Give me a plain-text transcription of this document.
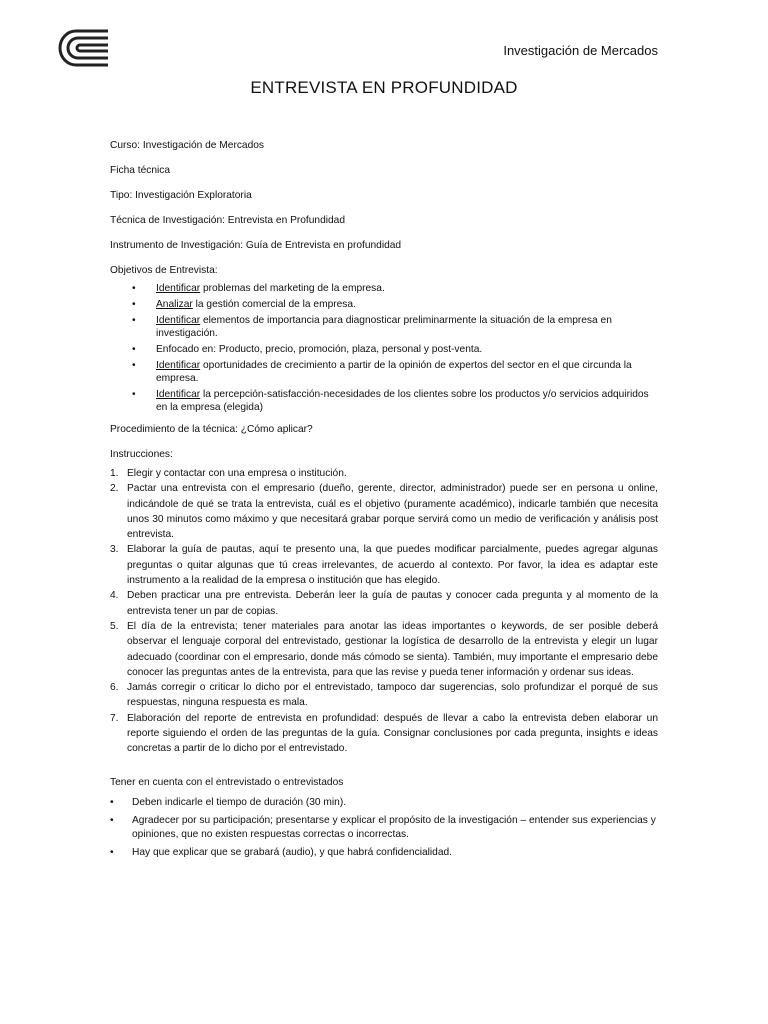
Investigación de Mercados
ENTREVISTA EN PROFUNDIDAD
Curso: Investigación de Mercados
Ficha técnica
Tipo: Investigación Exploratoria
Técnica de Investigación: Entrevista en Profundidad
Instrumento de Investigación: Guía de Entrevista en profundidad
Objetivos de Entrevista:
• Identificar problemas del marketing de la empresa.
• Analizar la gestión comercial de la empresa.
• Identificar elementos de importancia para diagnosticar preliminarmente la situación de la empresa en investigación.
• Enfocado en: Producto, precio, promoción, plaza, personal y post-venta.
• Identificar oportunidades de crecimiento a partir de la opinión de expertos del sector en el que circunda la empresa.
• Identificar la percepción-satisfacción-necesidades de los clientes sobre los productos y/o servicios adquiridos en la empresa (elegida)
Procedimiento de la técnica: ¿Cómo aplicar?
Instrucciones:
1. Elegir y contactar con una empresa o institución.
2. Pactar una entrevista con el empresario (dueño, gerente, director, administrador) puede ser en persona u online, indicándole de qué se trata la entrevista, cuál es el objetivo (puramente académico), indicarle también que necesita unos 30 minutos como máximo y que necesitará grabar porque servirá como un medio de verificación y análisis post entrevista.
3. Elaborar la guía de pautas, aquí te presento una, la que puedes modificar parcialmente, puedes agregar algunas preguntas o quitar algunas que tú creas irrelevantes, de acuerdo al contexto. Por favor, la idea es adaptar este instrumento a la realidad de la empresa o institución que has elegido.
4. Deben practicar una pre entrevista. Deberán leer la guía de pautas y conocer cada pregunta y al momento de la entrevista tener un par de copias.
5. El día de la entrevista; tener materiales para anotar las ideas importantes o keywords, de ser posible deberá observar el lenguaje corporal del entrevistado, gestionar la logística de desarrollo de la entrevista y elegir un lugar adecuado (coordinar con el empresario, donde más cómodo se sienta). También, muy importante el empresario debe conocer las preguntas antes de la entrevista, para que las revise y pueda tener información y ordenar sus ideas.
6. Jamás corregir o criticar lo dicho por el entrevistado, tampoco dar sugerencias, solo profundizar el porqué de sus respuestas, ninguna respuesta es mala.
7. Elaboración del reporte de entrevista en profundidad: después de llevar a cabo la entrevista deben elaborar un reporte siguiendo el orden de las preguntas de la guía. Consignar conclusiones por cada pregunta, insights e ideas concretas a partir de lo dicho por el entrevistado.
Tener en cuenta con el entrevistado o entrevistados
• Deben indicarle el tiempo de duración (30 min).
• Agradecer por su participación; presentarse y explicar el propósito de la investigación – entender sus experiencias y opiniones, que no existen respuestas correctas o incorrectas.
• Hay que explicar que se grabará (audio), y que habrá confidencialidad.
